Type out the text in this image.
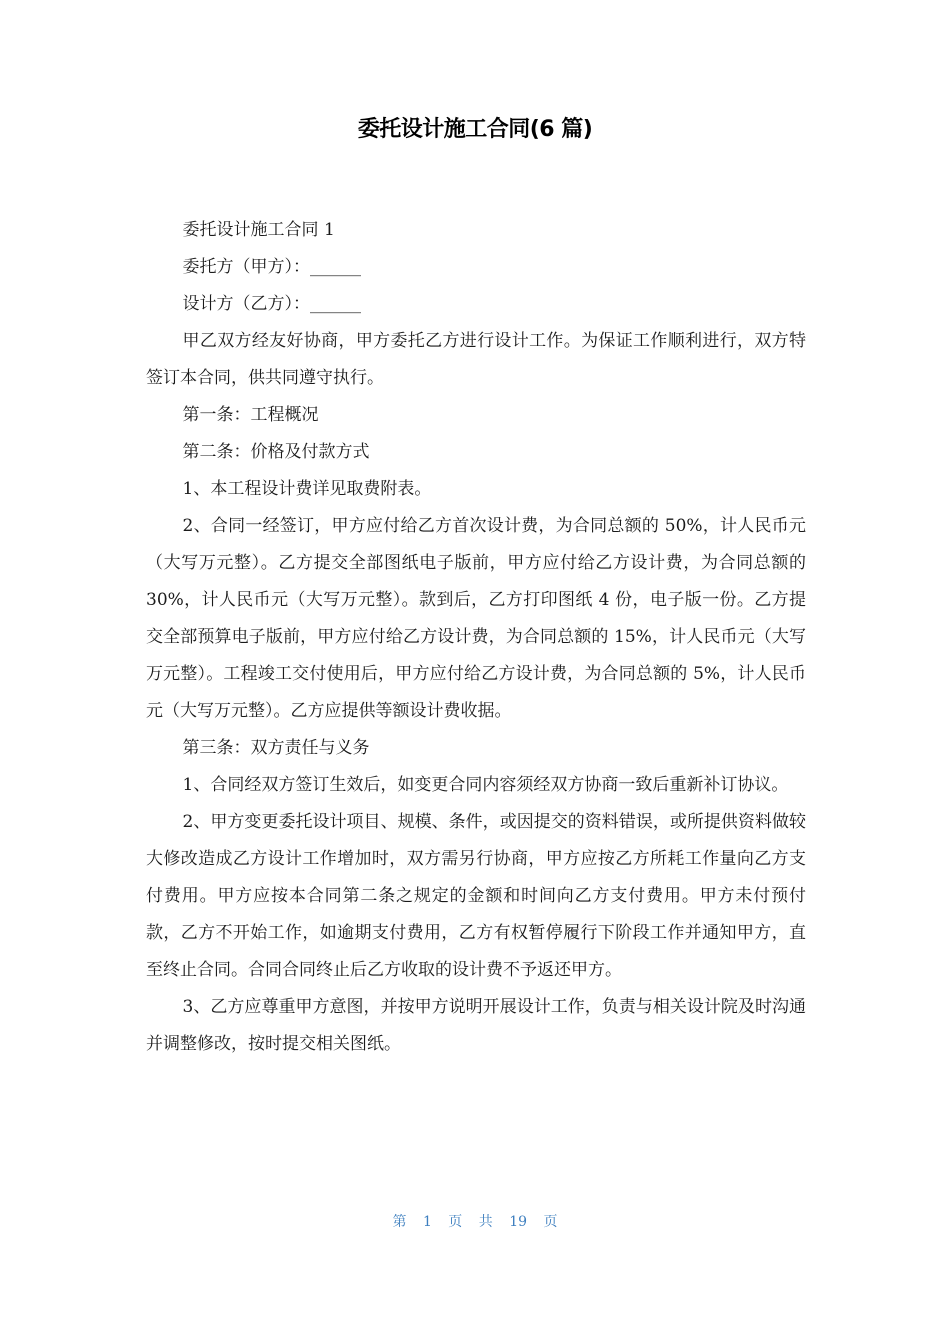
委托设计施工合同(6 篇)

委托设计施工合同 1

委托方（甲方）：______

设计方（乙方）：______

甲乙双方经友好协商，甲方委托乙方进行设计工作。为保证工作顺利进行，双方特签订本合同，供共同遵守执行。

第一条：工程概况

第二条：价格及付款方式

1、本工程设计费详见取费附表。

2、合同一经签订，甲方应付给乙方首次设计费，为合同总额的 50%，计人民币元（大写万元整）。乙方提交全部图纸电子版前，甲方应付给乙方设计费，为合同总额的 30%，计人民币元（大写万元整）。款到后，乙方打印图纸 4 份，电子版一份。乙方提交全部预算电子版前，甲方应付给乙方设计费，为合同总额的 15%，计人民币元（大写万元整）。工程竣工交付使用后，甲方应付给乙方设计费，为合同总额的 5%，计人民币元（大写万元整）。乙方应提供等额设计费收据。

第三条：双方责任与义务

1、合同经双方签订生效后，如变更合同内容须经双方协商一致后重新补订协议。

2、甲方变更委托设计项目、规模、条件，或因提交的资料错误，或所提供资料做较大修改造成乙方设计工作增加时，双方需另行协商，甲方应按乙方所耗工作量向乙方支付费用。甲方应按本合同第二条之规定的金额和时间向乙方支付费用。甲方未付预付款，乙方不开始工作，如逾期支付费用，乙方有权暂停履行下阶段工作并通知甲方，直至终止合同。合同合同终止后乙方收取的设计费不予返还甲方。

3、乙方应尊重甲方意图，并按甲方说明开展设计工作，负责与相关设计院及时沟通并调整修改，按时提交相关图纸。

第 1 页 共 19 页
